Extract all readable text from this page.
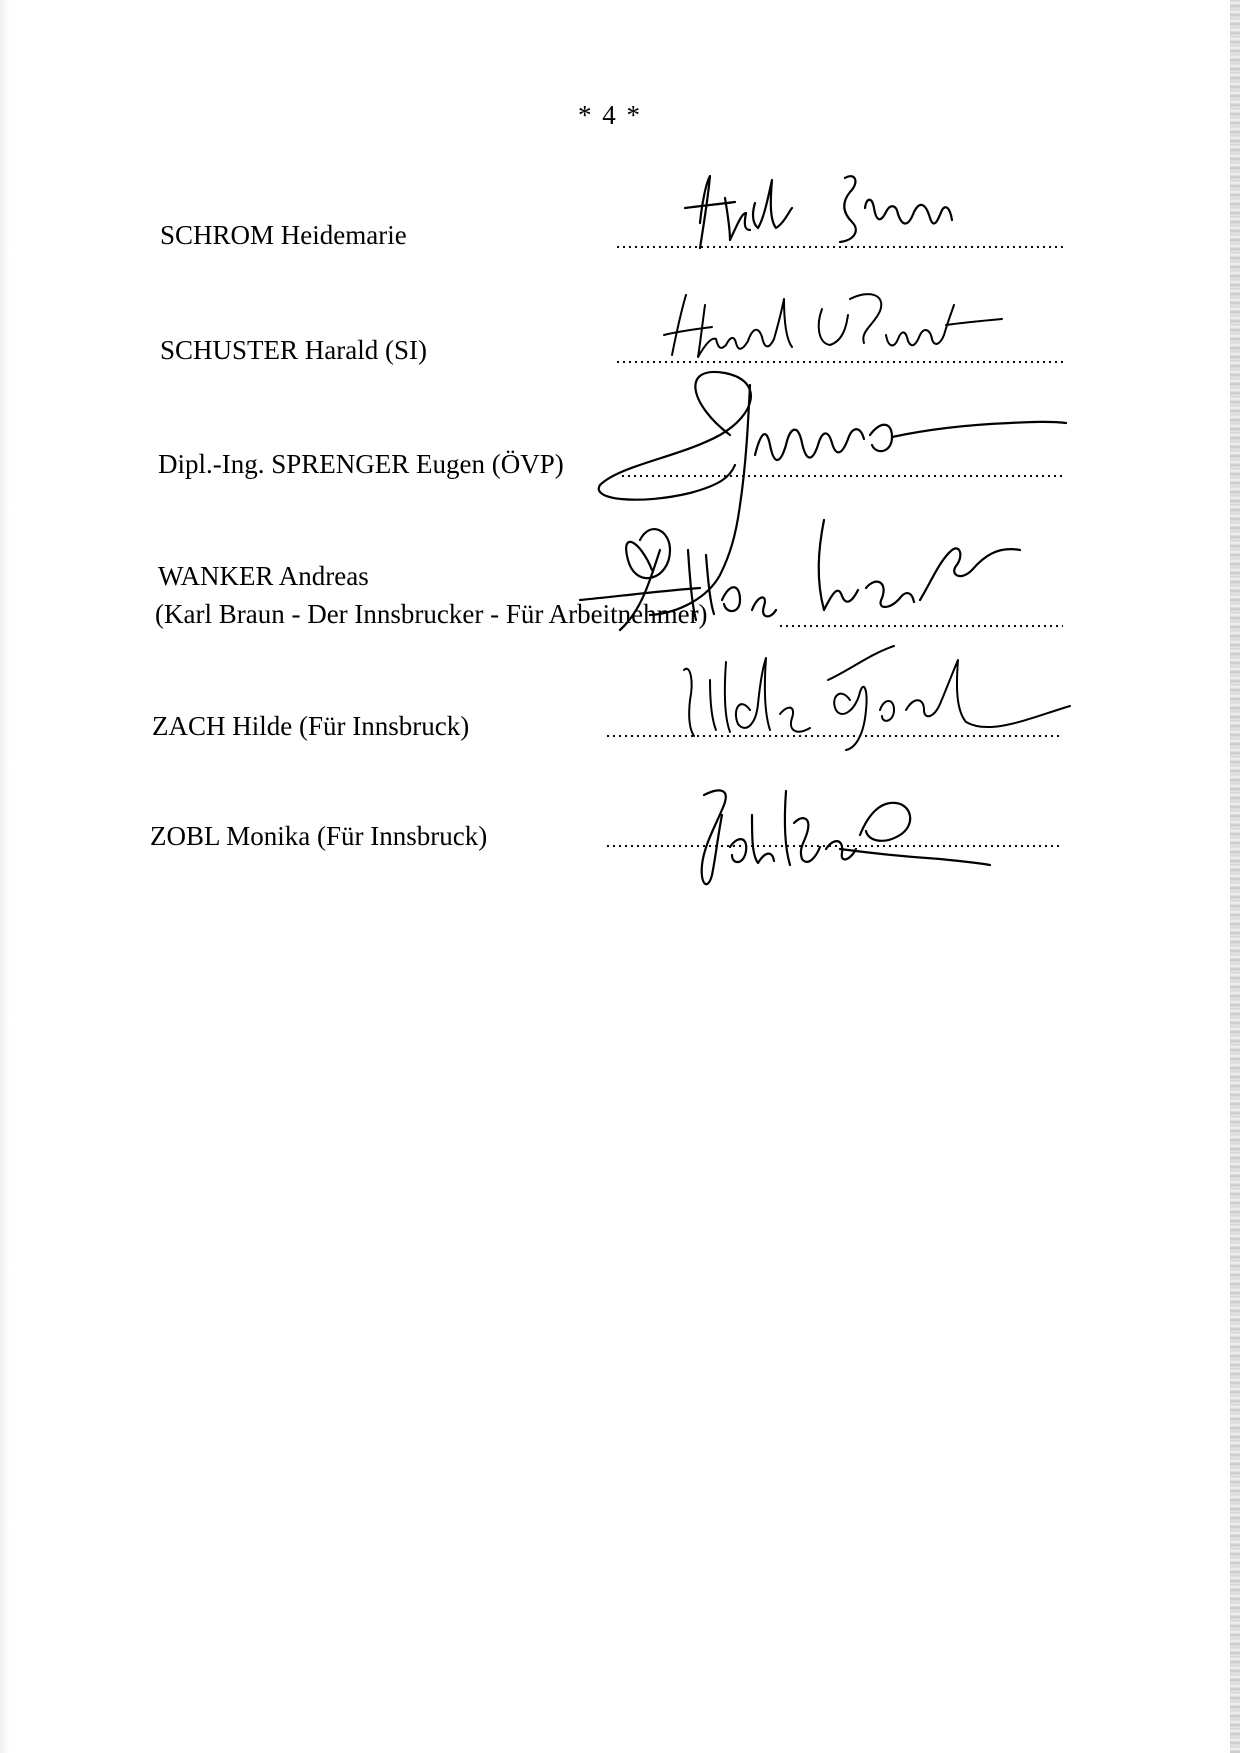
* 4 *
SCHROM Heidemarie
SCHUSTER Harald (SI)
Dipl.-Ing. SPRENGER Eugen (ÖVP)
WANKER Andreas
(Karl Braun - Der Innsbrucker - Für Arbeitnehmer)
ZACH Hilde (Für Innsbruck)
ZOBL Monika (Für Innsbruck)
